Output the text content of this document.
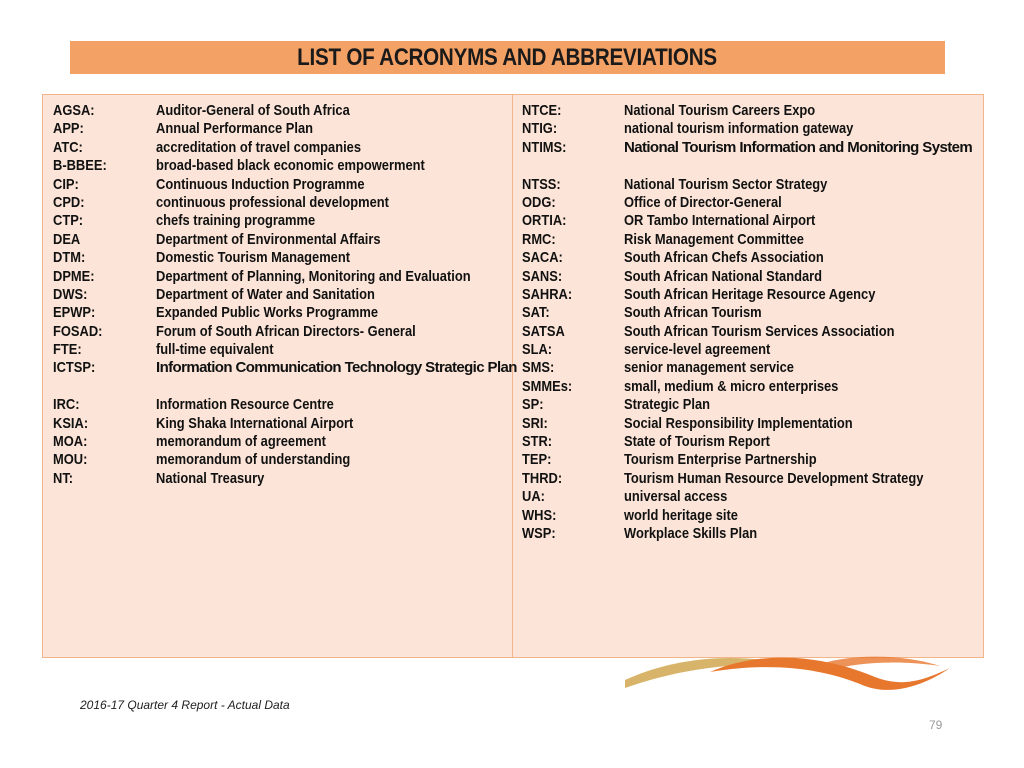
LIST OF ACRONYMS AND ABBREVIATIONS
AGSA:	Auditor-General of South Africa
APP:	Annual Performance Plan
ATC:	accreditation of travel companies
B-BBEE:	broad-based black economic empowerment
CIP:	Continuous Induction Programme
CPD:	continuous professional development
CTP:	chefs training programme
DEA	Department of Environmental Affairs
DTM:	Domestic Tourism Management
DPME:	Department of Planning, Monitoring and Evaluation
DWS:	Department of Water and Sanitation
EPWP:	Expanded Public Works Programme
FOSAD:	Forum of South African Directors- General
FTE:	full-time equivalent
ICTSP:	Information Communication Technology Strategic Plan
IRC:	Information Resource Centre
KSIA:	King Shaka International Airport
MOA:	memorandum of agreement
MOU:	memorandum of understanding
NT:	National Treasury
NTCE:	National Tourism Careers Expo
NTIG:	national tourism information gateway
NTIMS:	National Tourism Information and Monitoring System
NTSS:	National Tourism Sector Strategy
ODG:	Office of Director-General
ORTIA:	OR Tambo International Airport
RMC:	Risk Management Committee
SACA:	South African Chefs Association
SANS:	South African National Standard
SAHRA:	South African Heritage Resource Agency
SAT:	South African Tourism
SATSA	South African Tourism Services Association
SLA:	service-level agreement
SMS:	senior management service
SMMEs:	small, medium & micro enterprises
SP:	Strategic Plan
SRI:	Social Responsibility Implementation
STR:	State of Tourism Report
TEP:	Tourism Enterprise Partnership
THRD:	Tourism Human Resource Development Strategy
UA:	universal access
WHS:	world heritage site
WSP:	Workplace Skills Plan
2016-17 Quarter 4 Report - Actual Data
79
